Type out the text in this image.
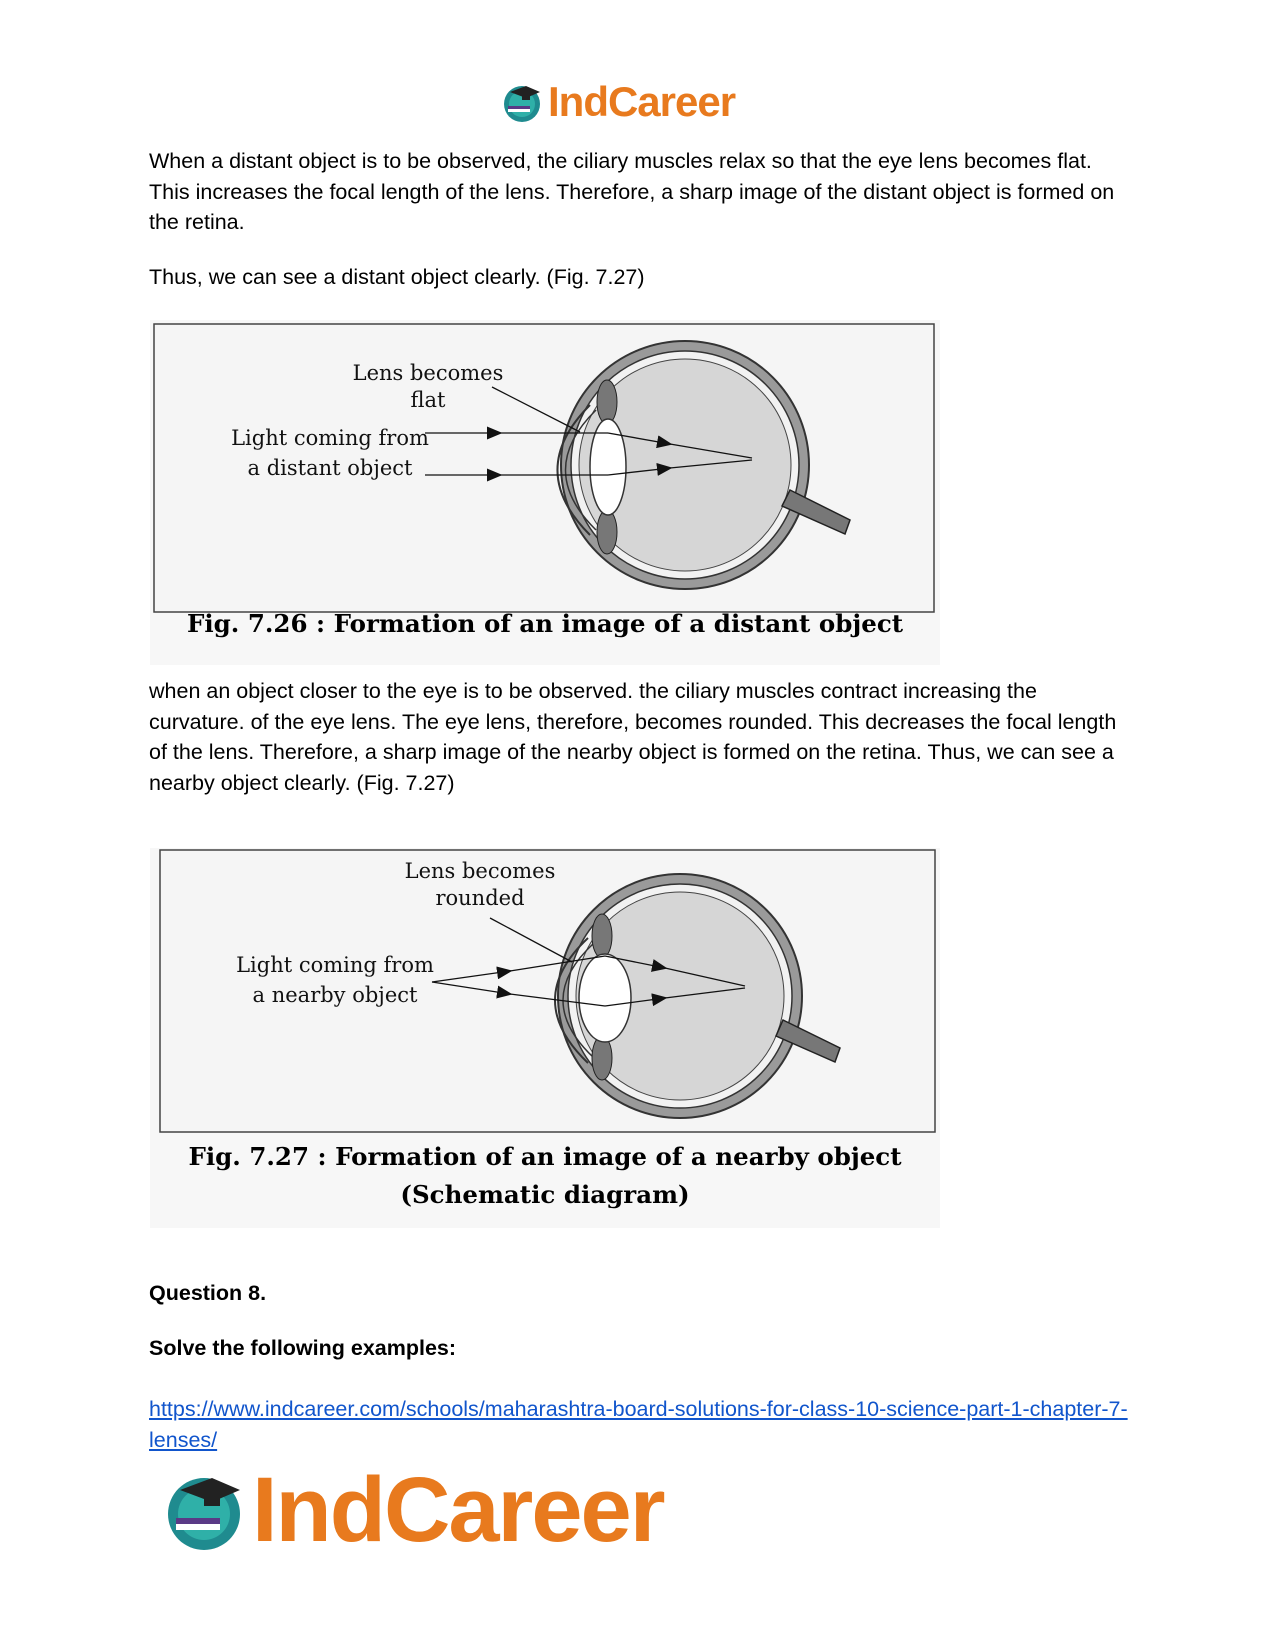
IndCareer
When a distant object is to be observed, the ciliary muscles relax so that the eye lens becomes flat. This increases the focal length of the lens. Therefore, a sharp image of the distant object is formed on the retina.
Thus, we can see a distant object clearly. (Fig. 7.27)
Lens becomes
flat
Light coming from
a distant object
Fig. 7.26 : Formation of an image of a distant object
when an object closer to the eye is to be observed. the ciliary muscles contract increasing the curvature. of the eye lens. The eye lens, therefore, becomes rounded. This decreases the focal length of the lens. Therefore, a sharp image of the nearby object is formed on the retina. Thus, we can see a nearby object clearly. (Fig. 7.27)
Lens becomes
rounded
Light coming from
a nearby object
Fig. 7.27 : Formation of an image of a nearby object
(Schematic diagram)
Question 8.
Solve the following examples:
https://www.indcareer.com/schools/maharashtra-board-solutions-for-class-10-science-part-1-chapter-7-lenses/
IndCareer
